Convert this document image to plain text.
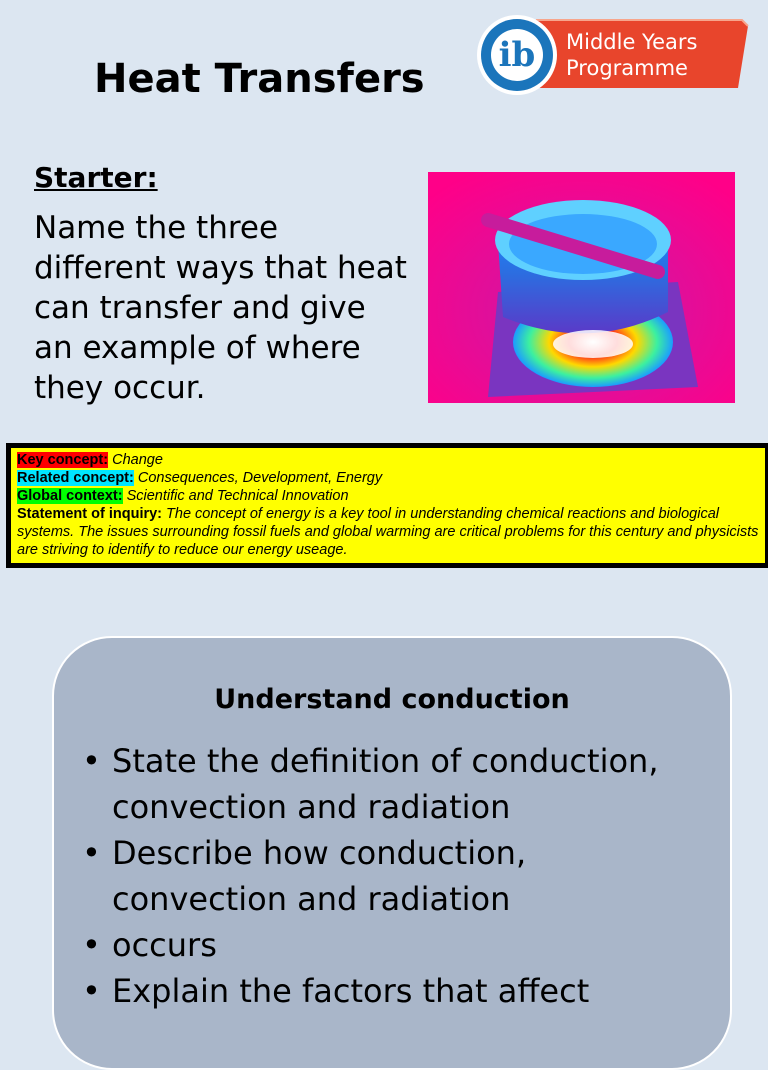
Heat Transfers
ib Middle Years
Programme
Starter:
Name the three different ways that heat can transfer and give an example of where they occur.

Key concept: Change

Related concept: Consequences, Development, Energy

Global context: Scientific and Technical Innovation

Statement of inquiry: The concept of energy is a key tool in understanding chemical reactions and biological systems. The issues surrounding fossil fuels and global warming are critical problems for this century and physicists are striving to identify to reduce our energy useage.

Understand conduction
• State the definition of conduction, convection and radiation
• Describe how conduction, convection and radiation
• occurs
• Explain the factors that affect
